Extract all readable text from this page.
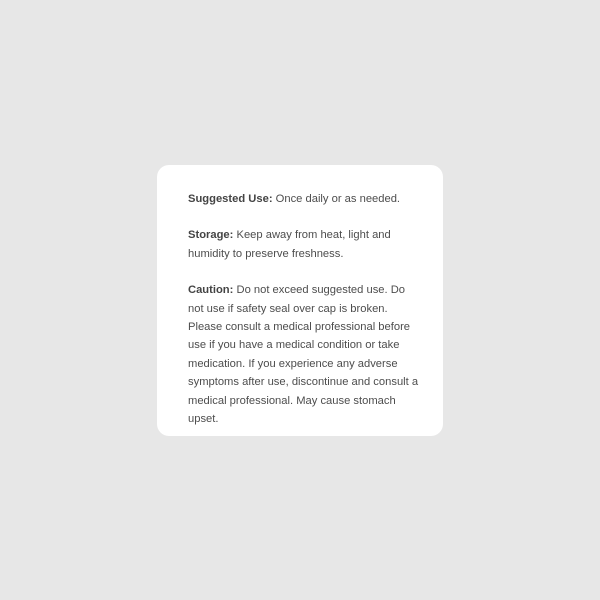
Suggested Use: Once daily or as needed.

Storage: Keep away from heat, light and humidity to preserve freshness.

Caution: Do not exceed suggested use. Do not use if safety seal over cap is broken. Please consult a medical professional before use if you have a medical condition or take medication. If you experience any adverse symptoms after use, discontinue and consult a medical professional. May cause stomach upset.
